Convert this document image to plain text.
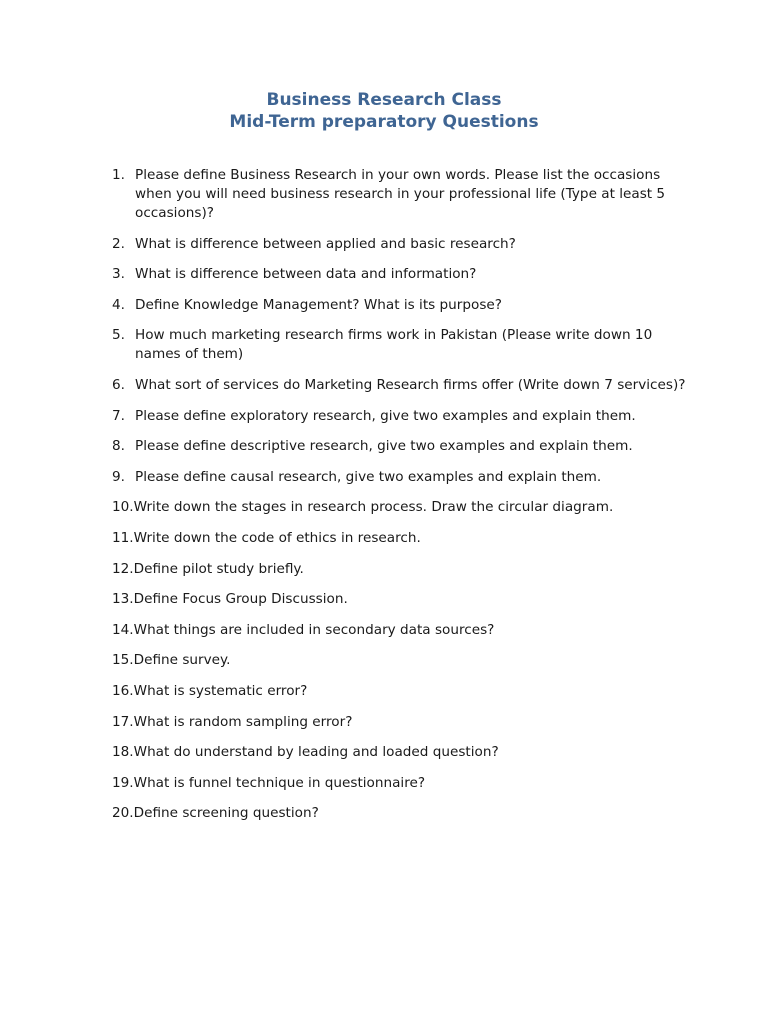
Business Research Class
Mid-Term preparatory Questions
1. Please define Business Research in your own words. Please list the occasions when you will need business research in your professional life (Type at least 5 occasions)?
2. What is difference between applied and basic research?
3. What is difference between data and information?
4. Define Knowledge Management? What is its purpose?
5. How much marketing research firms work in Pakistan (Please write down 10 names of them)
6. What sort of services do Marketing Research firms offer (Write down 7 services)?
7. Please define exploratory research, give two examples and explain them.
8. Please define descriptive research, give two examples and explain them.
9. Please define causal research, give two examples and explain them.
10.Write down the stages in research process. Draw the circular diagram.
11.Write down the code of ethics in research.
12.Define pilot study briefly.
13.Define Focus Group Discussion.
14.What things are included in secondary data sources?
15.Define survey.
16.What is systematic error?
17.What is random sampling error?
18.What do understand by leading and loaded question?
19.What is funnel technique in questionnaire?
20.Define screening question?
